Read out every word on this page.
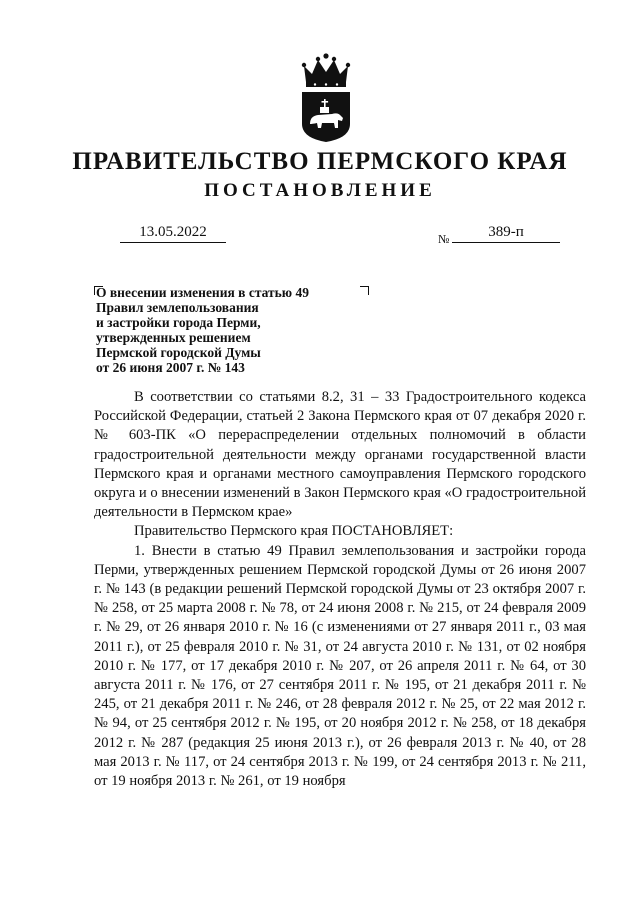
ПРАВИТЕЛЬСТВО ПЕРМСКОГО КРАЯ
ПОСТАНОВЛЕНИЕ
13.05.2022	№	389-п
О внесении изменения в статью 49
Правил землепользования
и застройки города Перми,
утвержденных решением
Пермской городской Думы
от 26 июня 2007 г. № 143

В соответствии со статьями 8.2, 31 – 33 Градостроительного кодекса Российской Федерации, статьей 2 Закона Пермского края от 07 декабря 2020 г. № 603-ПК «О перераспределении отдельных полномочий в области градостроительной деятельности между органами государственной власти Пермского края и органами местного самоуправления Пермского городского округа и о внесении изменений в Закон Пермского края «О градостроительной деятельности в Пермском крае»

Правительство Пермского края ПОСТАНОВЛЯЕТ:

1. Внести в статью 49 Правил землепользования и застройки города Перми, утвержденных решением Пермской городской Думы от 26 июня 2007 г. № 143 (в редакции решений Пермской городской Думы от 23 октября 2007 г. № 258, от 25 марта 2008 г. № 78, от 24 июня 2008 г. № 215, от 24 февраля 2009 г. № 29, от 26 января 2010 г. № 16 (с изменениями от 27 января 2011 г., 03 мая 2011 г.), от 25 февраля 2010 г. № 31, от 24 августа 2010 г. № 131, от 02 ноября 2010 г. № 177, от 17 декабря 2010 г. № 207, от 26 апреля 2011 г. № 64, от 30 августа 2011 г. № 176, от 27 сентября 2011 г. № 195, от 21 декабря 2011 г. № 245, от 21 декабря 2011 г. № 246, от 28 февраля 2012 г. № 25, от 22 мая 2012 г. № 94, от 25 сентября 2012 г. № 195, от 20 ноября 2012 г. № 258, от 18 декабря 2012 г. № 287 (редакция 25 июня 2013 г.), от 26 февраля 2013 г. № 40, от 28 мая 2013 г. № 117, от 24 сентября 2013 г. № 199, от 24 сентября 2013 г. № 211, от 19 ноября 2013 г. № 261, от 19 ноября
